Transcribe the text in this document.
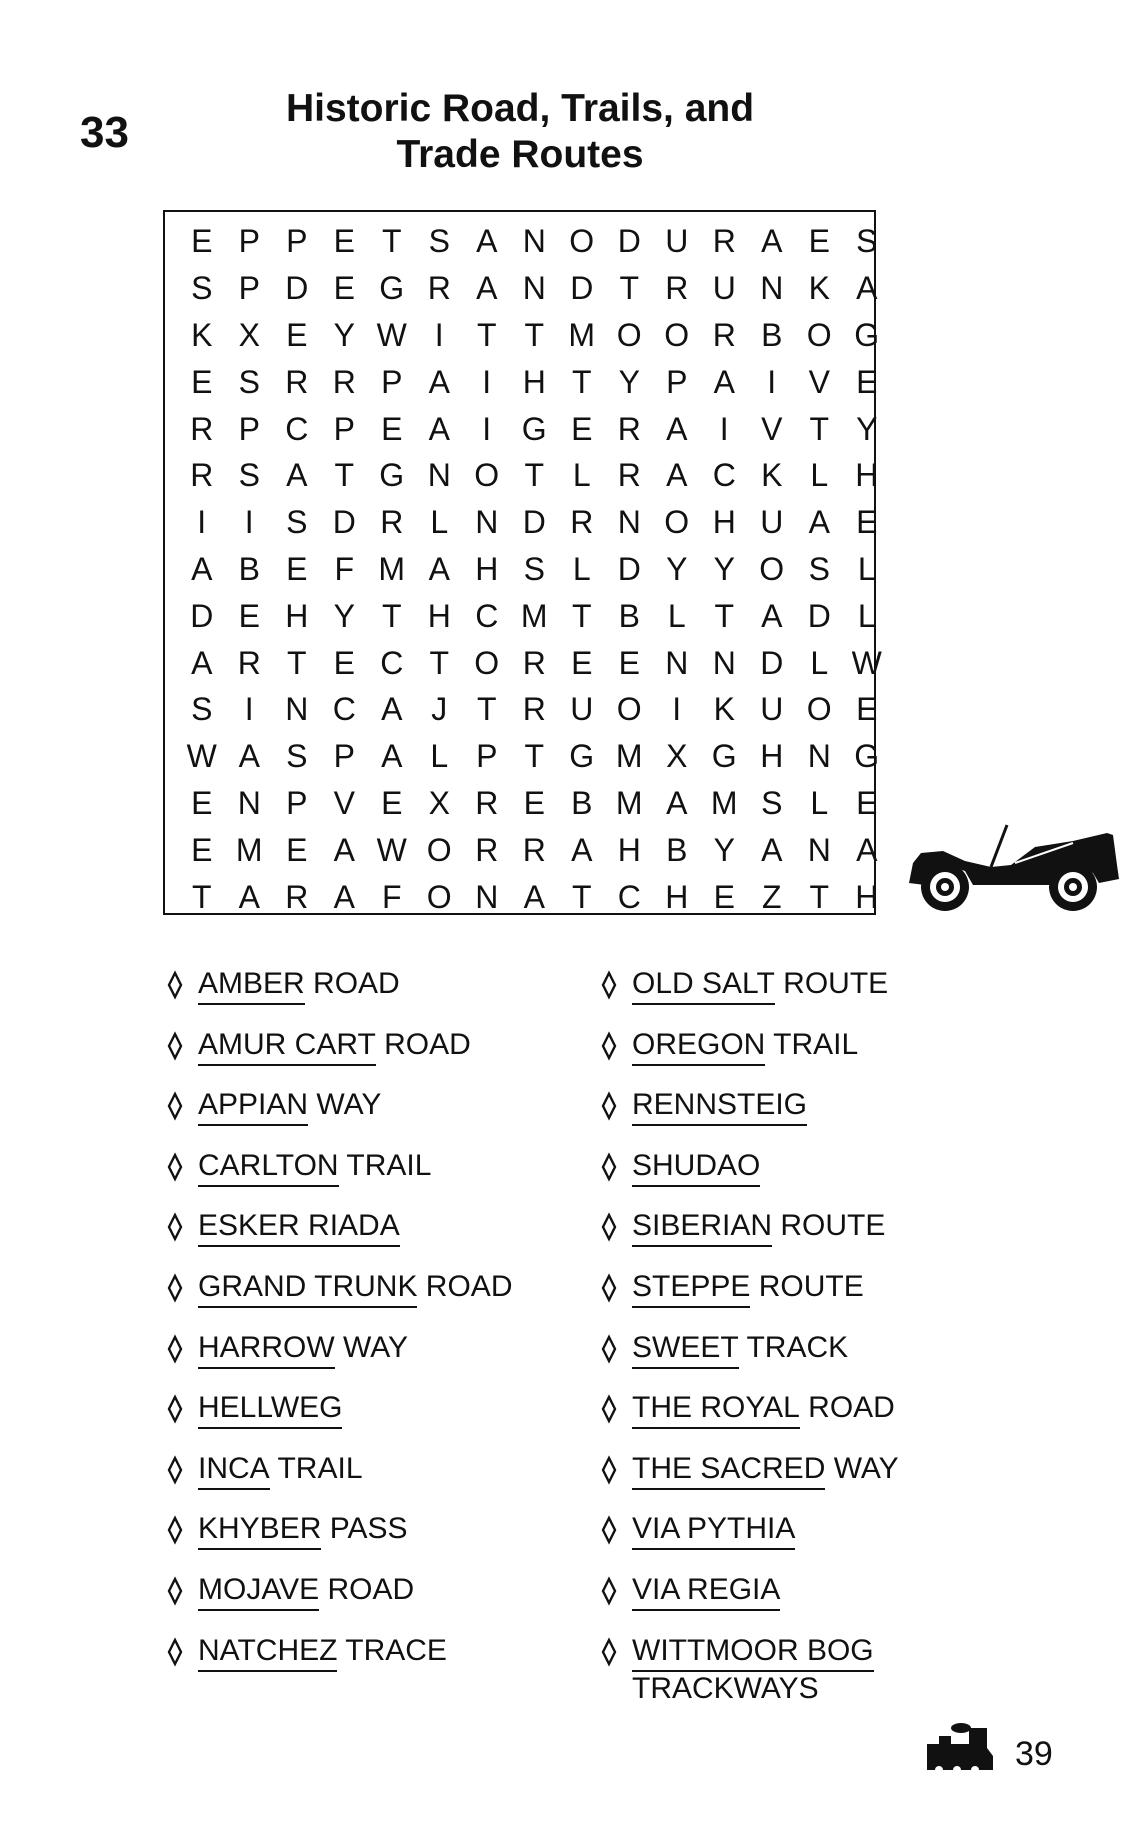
33	Historic Road, Trails, and
Trade Routes
E P P E T S A N O D U R A E S
S P D E G R A N D T R U N K A
K X E Y W I	T T M O O R B O G
E S R R P A	I H T Y P A	I	V E
R P C P E A	I G E R A	I	V T Y
R S A T G N O T L R A C K L H
I	I	S D R L N D R N O H U A E
A B E F M A H S L D Y Y O S L
D E H Y T H C M T B L T A D L
A R T E C T O R E E N N D L W
S	I N C A J T R U O I	K U O E
W A S P A L P T G M X G H N G
E N P V E X R E B M A M S L E
E M E A W O R R A H B Y A N A
T A R A F O N A T C H E Z T H
AMBER ROAD
AMUR CART ROAD
APPIAN WAY
CARLTON TRAIL
ESKER RIADA
GRAND TRUNK ROAD
HARROW WAY
HELLWEG
INCA TRAIL
KHYBER PASS
MOJAVE ROAD
NATCHEZ TRACE
OLD SALT ROUTE
OREGON TRAIL
RENNSTEIG
SHUDAO
SIBERIAN ROUTE
STEPPE ROUTE
SWEET TRACK
THE ROYAL ROAD
THE SACRED WAY
VIA PYTHIA
VIA REGIA
WITTMOOR BOG
TRACKWAYS
39
